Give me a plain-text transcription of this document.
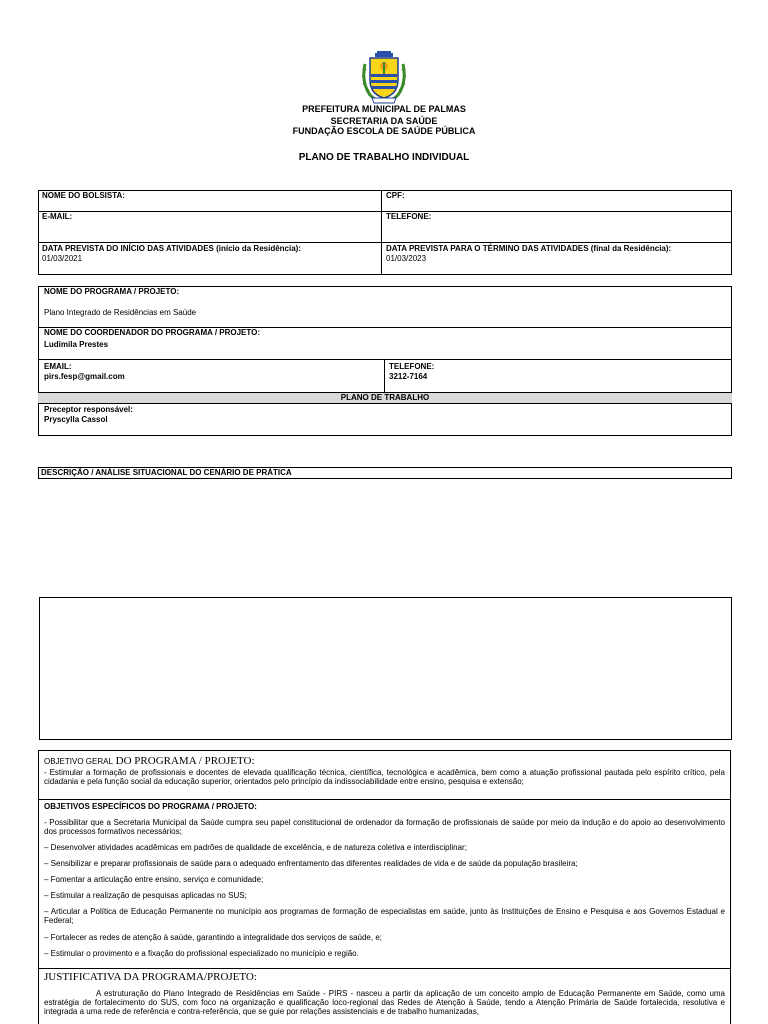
PREFEITURA MUNICIPAL DE PALMAS
SECRETARIA DA SAÚDE
FUNDAÇÃO ESCOLA DE SAÚDE PÚBLICA
PLANO DE TRABALHO INDIVIDUAL
NOME DO BOLSISTA:	CPF:
E-MAIL:	TELEFONE:
DATA PREVISTA DO INÍCIO DAS ATIVIDADES (início da Residência):
01/03/2021
DATA PREVISTA PARA O TÉRMINO DAS ATIVIDADES (final da Residência):
01/03/2023
PLANO DE TRABALHO
NOME DO PROGRAMA / PROJETO:
Plano Integrado de Residências em Saúde
NOME DO COORDENADOR DO PROGRAMA / PROJETO:
Ludimila Prestes
EMAIL:
pirs.fesp@gmail.com
TELEFONE:
3212-7164
Preceptor responsável:
Pryscylla Cassol
DESCRIÇÃO / ANÁLISE SITUACIONAL DO CENÁRIO DE PRÁTICA
OBJETIVO GERAL DO PROGRAMA / PROJETO:
- Estimular a formação de profissionais e docentes de elevada qualificação técnica, científica, tecnológica e acadêmica, bem como a atuação profissional pautada pelo espírito crítico, pela cidadania e pela função social da educação superior, orientados pelo princípio da indissociabilidade entre ensino, pesquisa e extensão;
OBJETIVOS ESPECÍFICOS DO PROGRAMA / PROJETO:
- Possibilitar que a Secretaria Municipal da Saúde cumpra seu papel constitucional de ordenador da formação de profissionais de saúde por meio da indução e do apoio ao desenvolvimento dos processos formativos necessários;
– Desenvolver atividades acadêmicas em padrões de qualidade de excelência, e de natureza coletiva e interdisciplinar;
– Sensibilizar e preparar profissionais de saúde para o adequado enfrentamento das diferentes realidades de vida e de saúde da população brasileira;
– Fomentar a articulação entre ensino, serviço e comunidade;
– Estimular a realização de pesquisas aplicadas no SUS;
– Articular a Política de Educação Permanente no município aos programas de formação de especialistas em saúde, junto às Instituições de Ensino e Pesquisa e aos Governos Estadual e Federal;
– Fortalecer as redes de atenção à saúde, garantindo a integralidade dos serviços de saúde, e;
– Estimular o provimento e a fixação do profissional especializado no município e região.
JUSTIFICATIVA DA PROGRAMA/PROJETO:
A estruturação do Plano Integrado de Residências em Saúde - PIRS - nasceu a partir da aplicação de um conceito amplo de Educação Permanente em Saúde, como uma estratégia de fortalecimento do SUS, com foco na organização e qualificação loco-regional das Redes de Atenção à Saúde, tendo a Atenção Primária de Saúde fortalecida, resolutiva e integrada a uma rede de referência e contra-referência, que se guie por relações assistenciais e de trabalho humanizadas,
